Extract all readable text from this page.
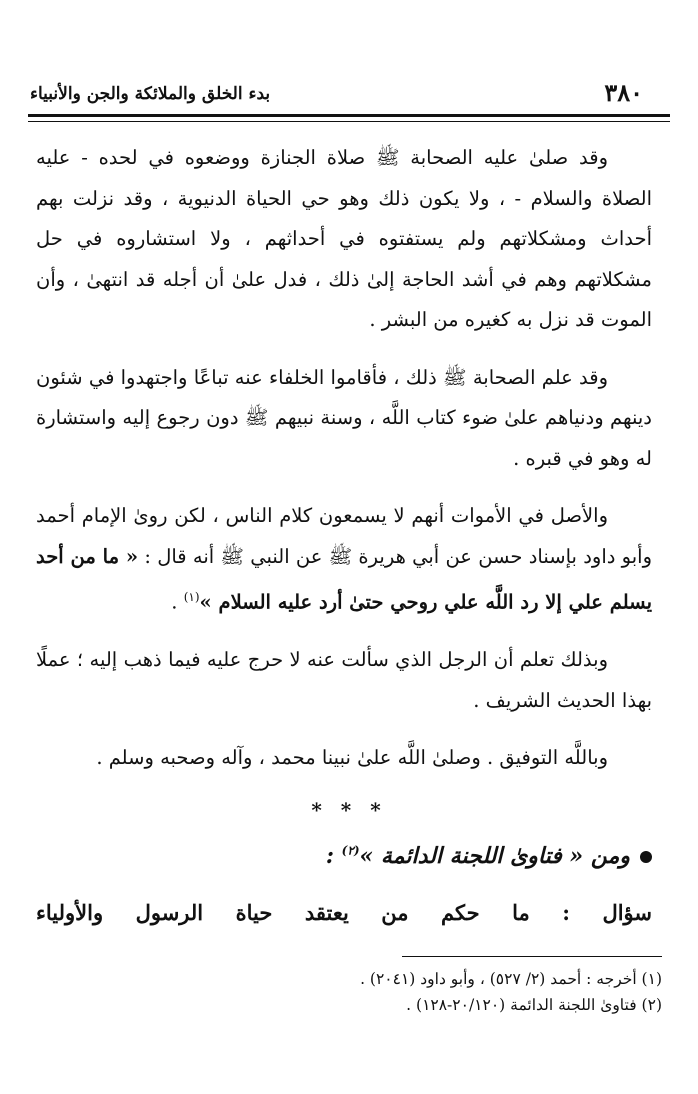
٣٨٠
بدء الخلق والملائكة والجن والأنبياء

وقد صلىٰ عليه الصحابة ﷺ صلاة الجنازة ووضعوه في لحده - عليه الصلاة والسلام - ، ولا يكون ذلك وهو حي الحياة الدنيوية ، وقد نزلت بهم أحداث ومشكلاتهم ولم يستفتوه في أحداثهم ، ولا استشاروه في حل مشكلاتهم وهم في أشد الحاجة إلىٰ ذلك ، فدل علىٰ أن أجله قد انتهىٰ ، وأن الموت قد نزل به كغيره من البشر .

وقد علم الصحابة ﷺ ذلك ، فأقاموا الخلفاء عنه تباعًا واجتهدوا في شئون دينهم ودنياهم علىٰ ضوء كتاب اللَّه ، وسنة نبيهم ﷺ دون رجوع إليه واستشارة له وهو في قبره .

والأصل في الأموات أنهم لا يسمعون كلام الناس ، لكن روىٰ الإمام أحمد وأبو داود بإسناد حسن عن أبي هريرة ﷺ عن النبي ﷺ أنه قال : « ما من أحد يسلم علي إلا رد اللَّه علي روحي حتىٰ أرد عليه السلام »$^{(١)}$ .

وبذلك تعلم أن الرجل الذي سألت عنه لا حرج عليه فيما ذهب إليه ؛ عملًا بهذا الحديث الشريف .

وباللَّه التوفيق . وصلىٰ اللَّه علىٰ نبينا محمد ، وآله وصحبه وسلم .

* * *
ومن « فتاوىٰ اللجنة الدائمة »$^{(٢)}$ :
سؤال : ما حكم من يعتقد حياة الرسول والأولياء
(١) أخرجه : أحمد (٢/ ٥٢٧) ، وأبو داود (٢٠٤١) .
(٢) فتاوىٰ اللجنة الدائمة (٢٠/١٢٠-١٢٨) .
